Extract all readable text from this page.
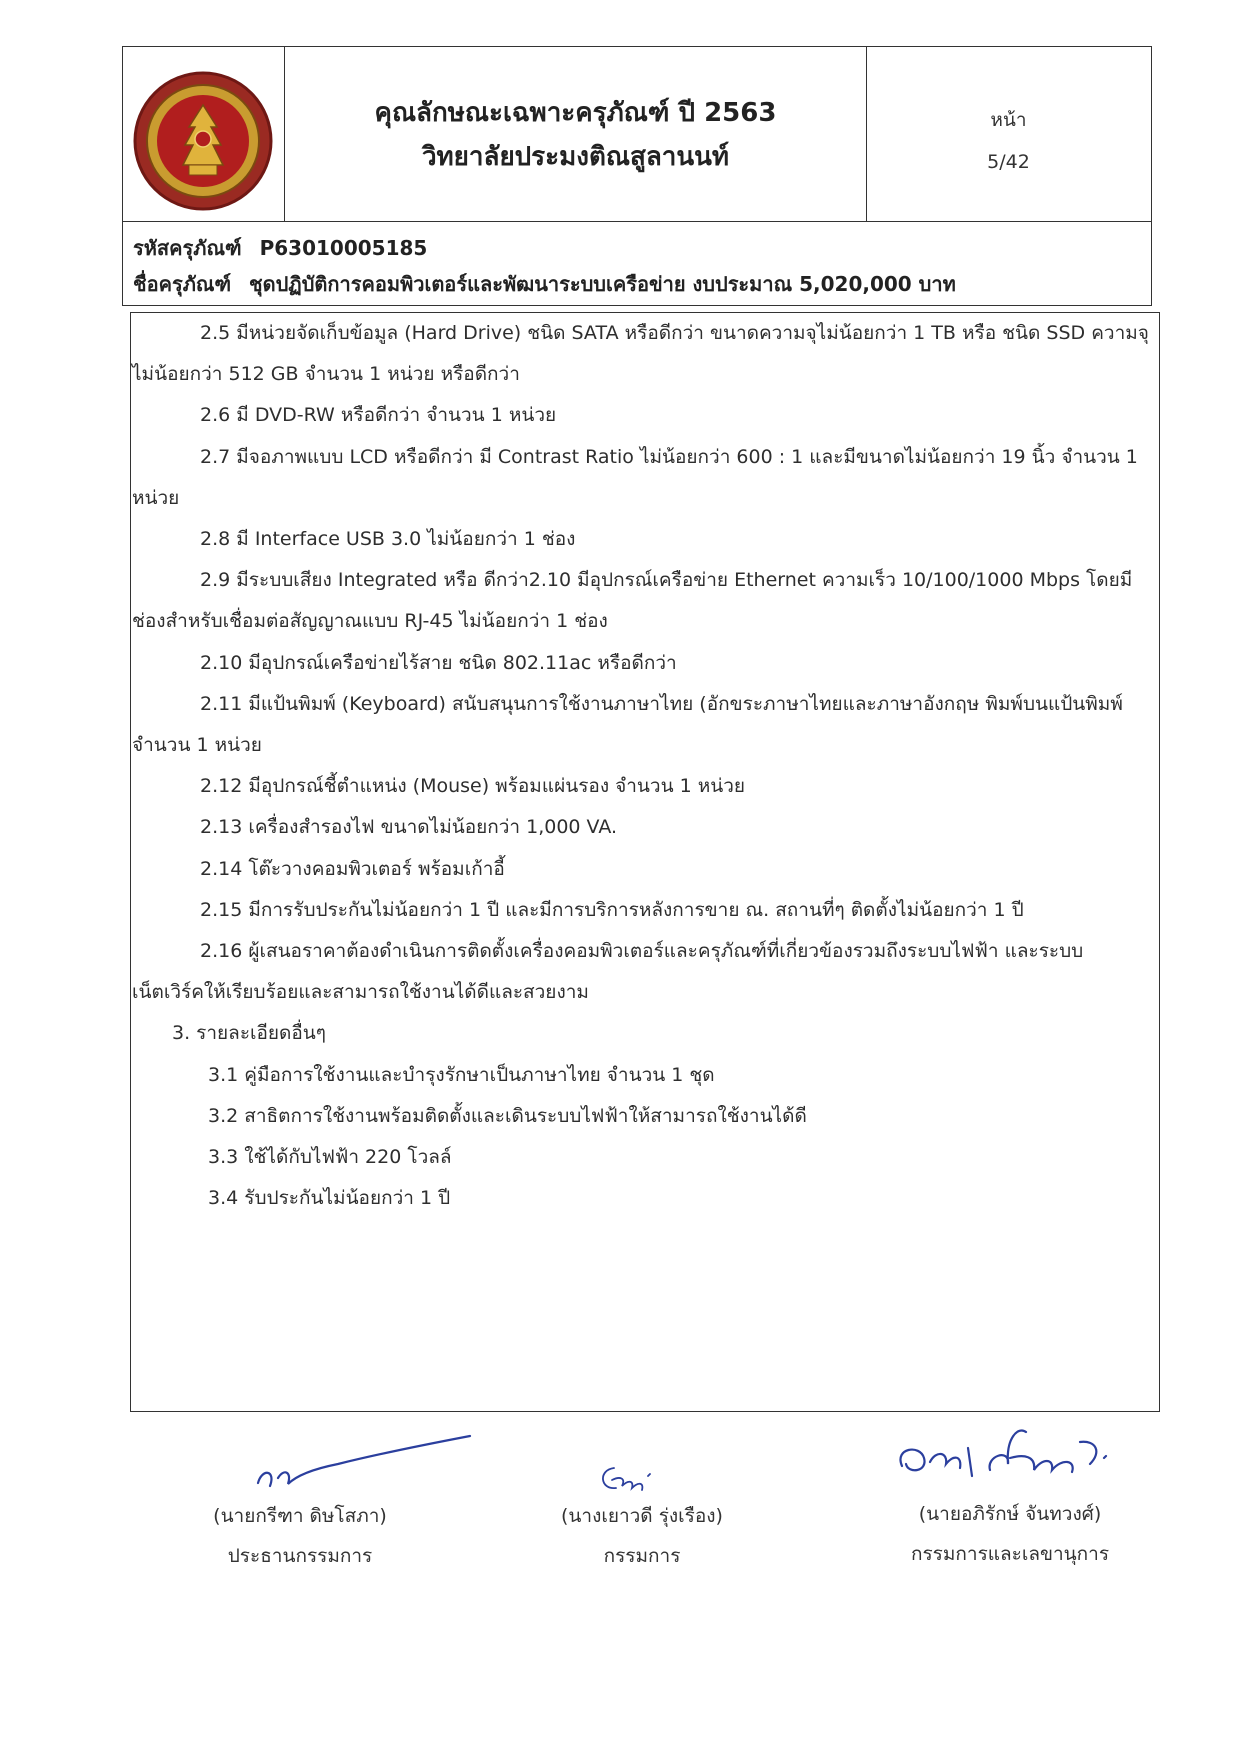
คุณลักษณะเฉพาะครุภัณฑ์ ปี 2563
วิทยาลัยประมงติณสูลานนท์
หน้า
5/42
รหัสครุภัณฑ์ P63010005185
ชื่อครุภัณฑ์ ชุดปฏิบัติการคอมพิวเตอร์และพัฒนาระบบเครือข่าย งบประมาณ 5,020,000 บาท
2.5 มีหน่วยจัดเก็บข้อมูล (Hard Drive) ชนิด SATA หรือดีกว่า ขนาดความจุไม่น้อยกว่า 1 TB หรือ ชนิด SSD ความจุ
ไม่น้อยกว่า 512 GB จำนวน 1 หน่วย หรือดีกว่า
2.6 มี DVD-RW หรือดีกว่า จำนวน 1 หน่วย
2.7 มีจอภาพแบบ LCD หรือดีกว่า มี Contrast Ratio ไม่น้อยกว่า 600 : 1 และมีขนาดไม่น้อยกว่า 19 นิ้ว จำนวน 1
หน่วย
2.8 มี Interface USB 3.0 ไม่น้อยกว่า 1 ช่อง
2.9 มีระบบเสียง Integrated หรือ ดีกว่า2.10 มีอุปกรณ์เครือข่าย Ethernet ความเร็ว 10/100/1000 Mbps โดยมี
ช่องสำหรับเชื่อมต่อสัญญาณแบบ RJ-45 ไม่น้อยกว่า 1 ช่อง
2.10 มีอุปกรณ์เครือข่ายไร้สาย ชนิด 802.11ac หรือดีกว่า
2.11 มีแป้นพิมพ์ (Keyboard) สนับสนุนการใช้งานภาษาไทย (อักขระภาษาไทยและภาษาอังกฤษ พิมพ์บนแป้นพิมพ์
จำนวน 1 หน่วย
2.12 มีอุปกรณ์ชี้ตำแหน่ง (Mouse) พร้อมแผ่นรอง จำนวน 1 หน่วย
2.13 เครื่องสำรองไฟ ขนาดไม่น้อยกว่า 1,000 VA.
2.14 โต๊ะวางคอมพิวเตอร์ พร้อมเก้าอี้
2.15 มีการรับประกันไม่น้อยกว่า 1 ปี และมีการบริการหลังการขาย ณ. สถานที่ๆ ติดตั้งไม่น้อยกว่า 1 ปี
2.16 ผู้เสนอราคาต้องดำเนินการติดตั้งเครื่องคอมพิวเตอร์และครุภัณฑ์ที่เกี่ยวข้องรวมถึงระบบไฟฟ้า และระบบ
เน็ตเวิร์คให้เรียบร้อยและสามารถใช้งานได้ดีและสวยงาม
3. รายละเอียดอื่นๆ
3.1 คู่มือการใช้งานและบำรุงรักษาเป็นภาษาไทย จำนวน 1 ชุด
3.2 สาธิตการใช้งานพร้อมติดตั้งและเดินระบบไฟฟ้าให้สามารถใช้งานได้ดี
3.3 ใช้ได้กับไฟฟ้า 220 โวลล์
3.4 รับประกันไม่น้อยกว่า 1 ปี
(นายกรีฑา ดิษโสภา)
ประธานกรรมการ
(นางเยาวดี รุ่งเรือง)
กรรมการ
(นายอภิรักษ์ จันทวงศ์)
กรรมการและเลขานุการ
